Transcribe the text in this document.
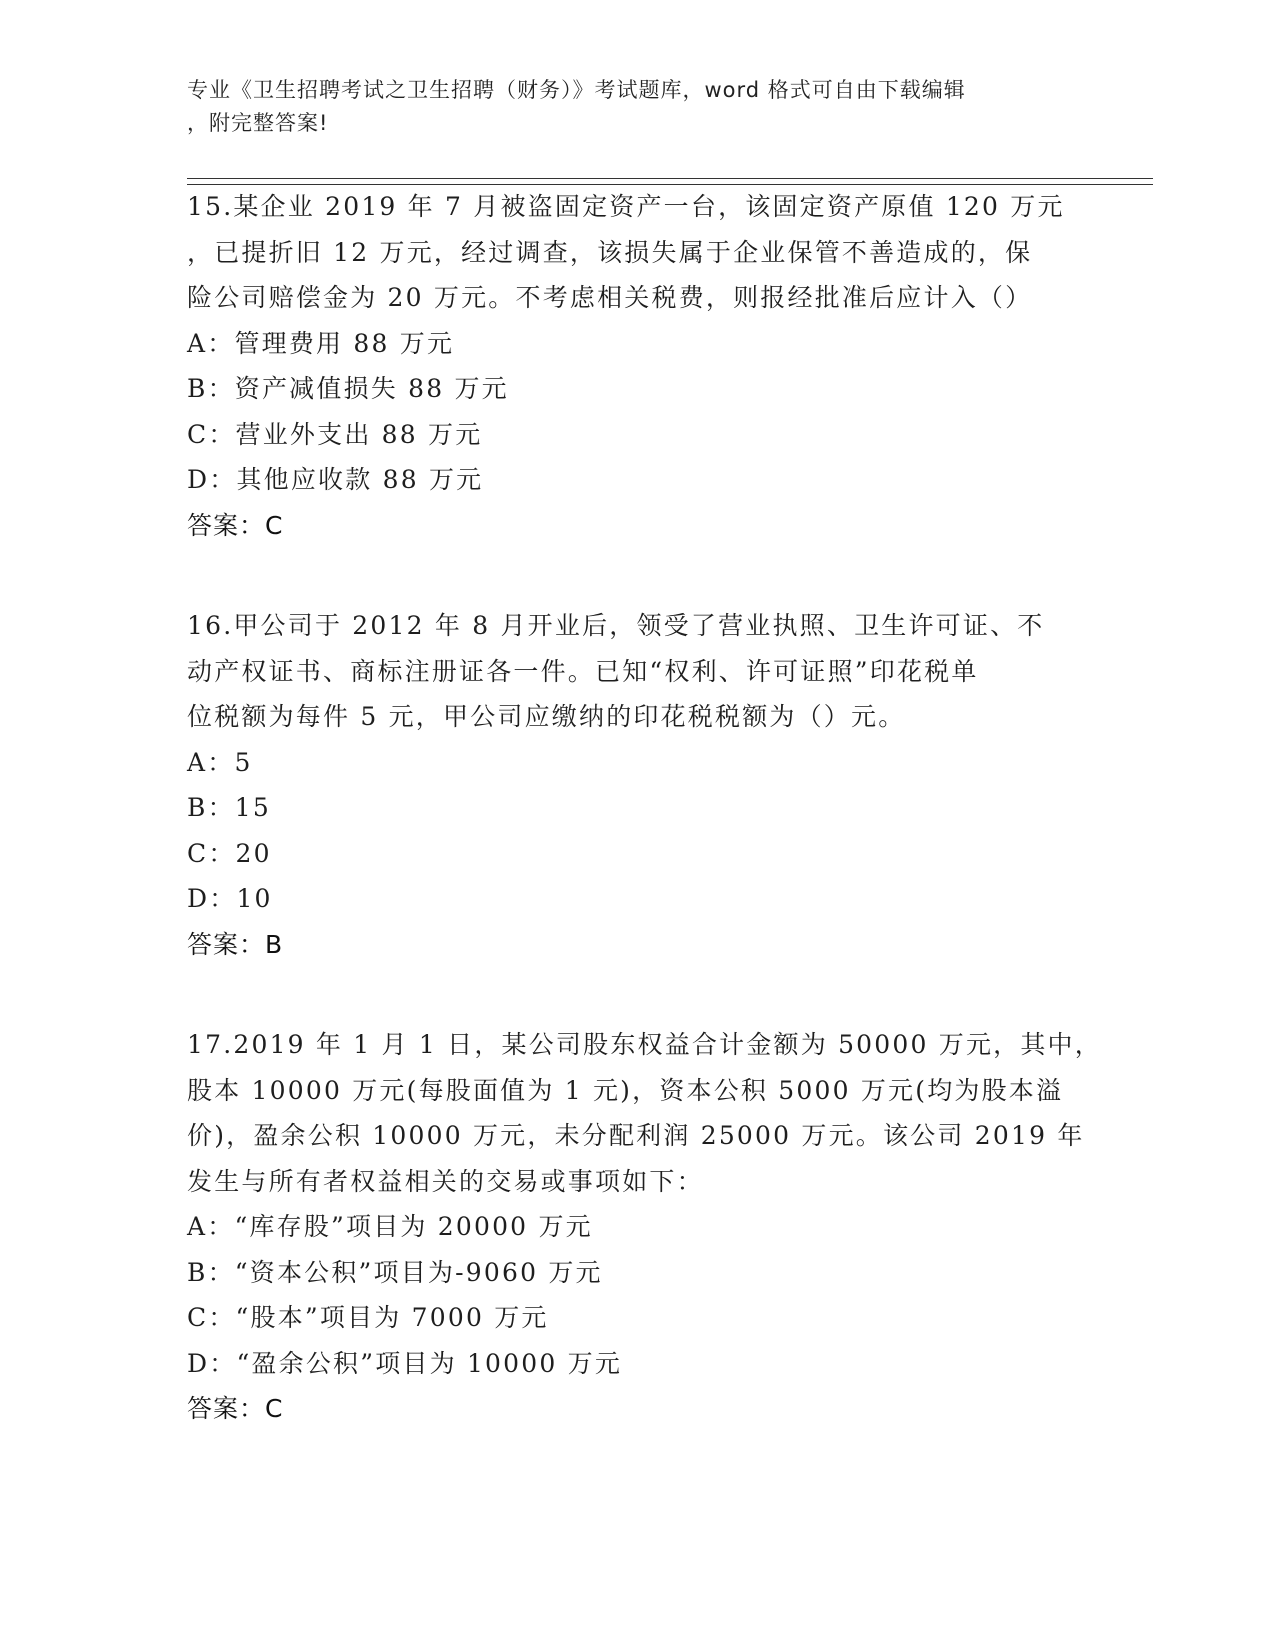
专业《卫生招聘考试之卫生招聘（财务）》考试题库，word 格式可自由下载编辑
，附完整答案!
15.某企业 2019 年 7 月被盗固定资产一台，该固定资产原值 120 万元
，已提折旧 12 万元，经过调查，该损失属于企业保管不善造成的，保
险公司赔偿金为 20 万元。不考虑相关税费，则报经批准后应计入（）
A：管理费用 88 万元
B：资产减值损失 88 万元
C：营业外支出 88 万元
D：其他应收款 88 万元
答案：C
16.甲公司于 2012 年 8 月开业后，领受了营业执照、卫生许可证、不
动产权证书、商标注册证各一件。已知“权利、许可证照”印花税单
位税额为每件 5 元，甲公司应缴纳的印花税税额为（）元。
A：5
B：15
C：20
D：10
答案：B
17.2019 年 1 月 1 日，某公司股东权益合计金额为 50000 万元，其中，
股本 10000 万元(每股面值为 1 元)，资本公积 5000 万元(均为股本溢
价)，盈余公积 10000 万元，未分配利润 25000 万元。该公司 2019 年
发生与所有者权益相关的交易或事项如下：
A：“库存股”项目为 20000 万元
B：“资本公积”项目为-9060 万元
C：“股本”项目为 7000 万元
D：“盈余公积”项目为 10000 万元
答案：C
